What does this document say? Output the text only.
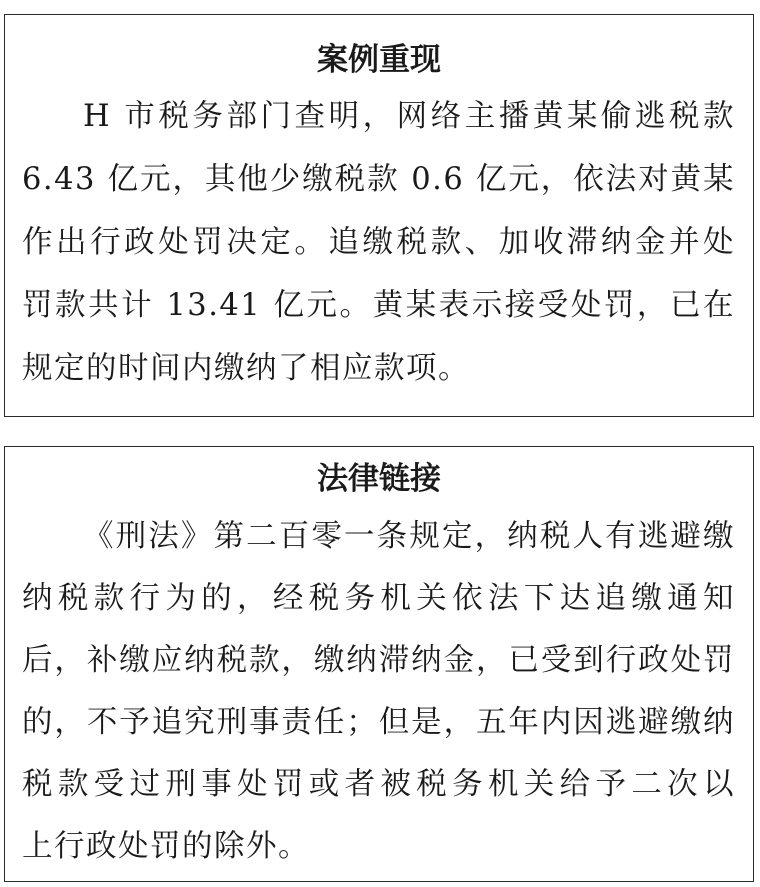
案例重现
H 市税务部门查明，网络主播黄某偷逃税款
6.43 亿元，其他少缴税款 0.6 亿元，依法对黄某
作出行政处罚决定。追缴税款、加收滞纳金并处
罚款共计 13.41 亿元。黄某表示接受处罚，已在
规定的时间内缴纳了相应款项。
法律链接
《刑法》第二百零一条规定，纳税人有逃避缴
纳税款行为的，经税务机关依法下达追缴通知
后，补缴应纳税款，缴纳滞纳金，已受到行政处罚
的，不予追究刑事责任；但是，五年内因逃避缴纳
税款受过刑事处罚或者被税务机关给予二次以
上行政处罚的除外。
